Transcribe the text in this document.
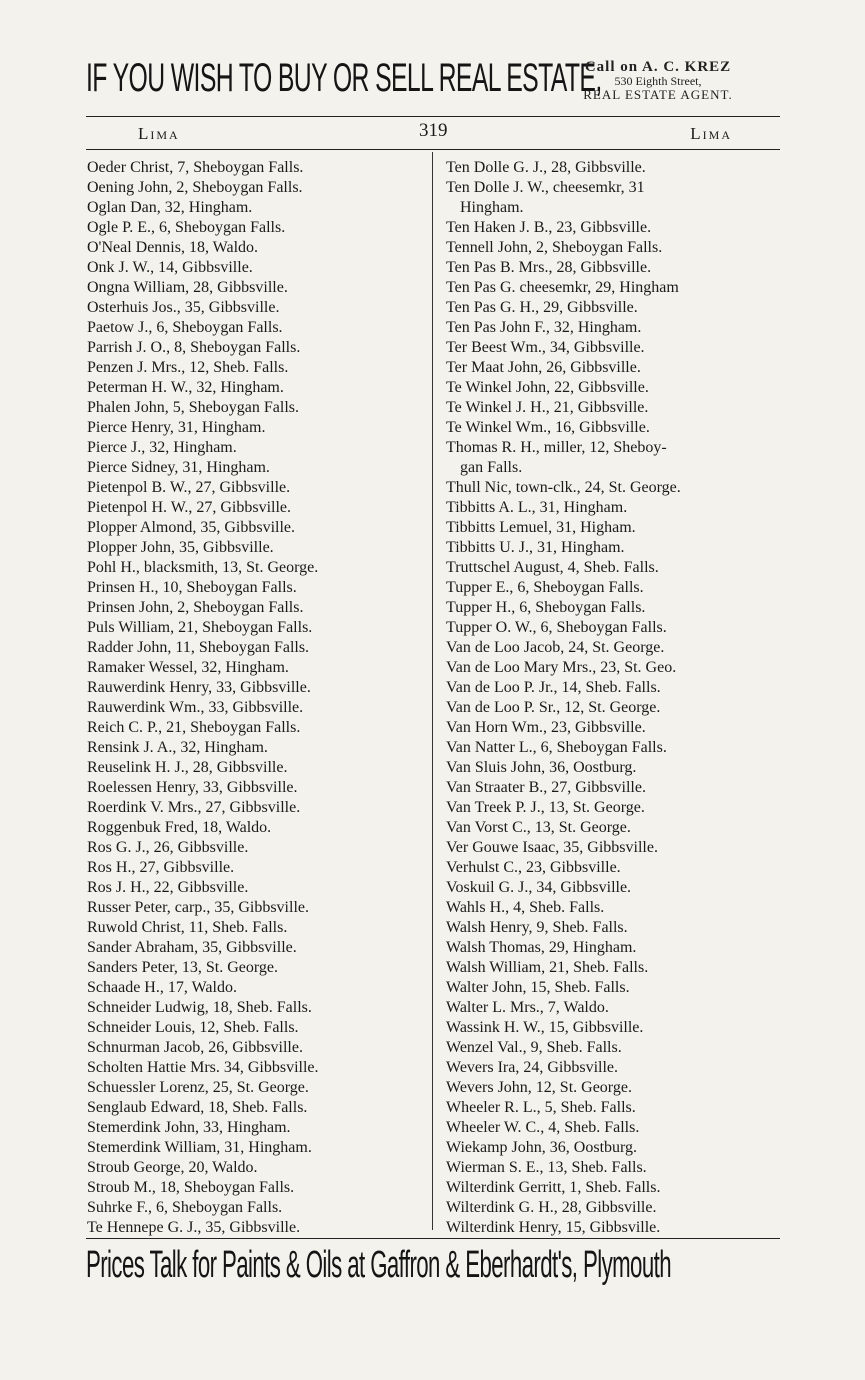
IF YOU WISH TO BUY OR SELL REAL ESTATE,
Call on A. C. KREZ
530 Eighth Street,
REAL ESTATE AGENT.
Lima	319	Lima
Oeder Christ, 7, Sheboygan Falls.
Oening John, 2, Sheboygan Falls.
Oglan Dan, 32, Hingham.
Ogle P. E., 6, Sheboygan Falls.
O'Neal Dennis, 18, Waldo.
Onk J. W., 14, Gibbsville.
Ongna William, 28, Gibbsville.
Osterhuis Jos., 35, Gibbsville.
Paetow J., 6, Sheboygan Falls.
Parrish J. O., 8, Sheboygan Falls.
Penzen J. Mrs., 12, Sheb. Falls.
Peterman H. W., 32, Hingham.
Phalen John, 5, Sheboygan Falls.
Pierce Henry, 31, Hingham.
Pierce J., 32, Hingham.
Pierce Sidney, 31, Hingham.
Pietenpol B. W., 27, Gibbsville.
Pietenpol H. W., 27, Gibbsville.
Plopper Almond, 35, Gibbsville.
Plopper John, 35, Gibbsville.
Pohl H., blacksmith, 13, St. George.
Prinsen H., 10, Sheboygan Falls.
Prinsen John, 2, Sheboygan Falls.
Puls William, 21, Sheboygan Falls.
Radder John, 11, Sheboygan Falls.
Ramaker Wessel, 32, Hingham.
Rauwerdink Henry, 33, Gibbsville.
Rauwerdink Wm., 33, Gibbsville.
Reich C. P., 21, Sheboygan Falls.
Rensink J. A., 32, Hingham.
Reuselink H. J., 28, Gibbsville.
Roelessen Henry, 33, Gibbsville.
Roerdink V. Mrs., 27, Gibbsville.
Roggenbuk Fred, 18, Waldo.
Ros G. J., 26, Gibbsville.
Ros H., 27, Gibbsville.
Ros J. H., 22, Gibbsville.
Russer Peter, carp., 35, Gibbsville.
Ruwold Christ, 11, Sheb. Falls.
Sander Abraham, 35, Gibbsville.
Sanders Peter, 13, St. George.
Schaade H., 17, Waldo.
Schneider Ludwig, 18, Sheb. Falls.
Schneider Louis, 12, Sheb. Falls.
Schnurman Jacob, 26, Gibbsville.
Scholten Hattie Mrs. 34, Gibbsville.
Schuessler Lorenz, 25, St. George.
Senglaub Edward, 18, Sheb. Falls.
Stemerdink John, 33, Hingham.
Stemerdink William, 31, Hingham.
Stroub George, 20, Waldo.
Stroub M., 18, Sheboygan Falls.
Suhrke F., 6, Sheboygan Falls.
Te Hennepe G. J., 35, Gibbsville.
Ten Dolle G. J., 28, Gibbsville.
Ten Dolle J. W., cheesemkr, 31
Hingham.
Ten Haken J. B., 23, Gibbsville.
Tennell John, 2, Sheboygan Falls.
Ten Pas B. Mrs., 28, Gibbsville.
Ten Pas G. cheesemkr, 29, Hingham
Ten Pas G. H., 29, Gibbsville.
Ten Pas John F., 32, Hingham.
Ter Beest Wm., 34, Gibbsville.
Ter Maat John, 26, Gibbsville.
Te Winkel John, 22, Gibbsville.
Te Winkel J. H., 21, Gibbsville.
Te Winkel Wm., 16, Gibbsville.
Thomas R. H., miller, 12, Sheboy-
gan Falls.
Thull Nic, town-clk., 24, St. George.
Tibbitts A. L., 31, Hingham.
Tibbitts Lemuel, 31, Higham.
Tibbitts U. J., 31, Hingham.
Truttschel August, 4, Sheb. Falls.
Tupper E., 6, Sheboygan Falls.
Tupper H., 6, Sheboygan Falls.
Tupper O. W., 6, Sheboygan Falls.
Van de Loo Jacob, 24, St. George.
Van de Loo Mary Mrs., 23, St. Geo.
Van de Loo P. Jr., 14, Sheb. Falls.
Van de Loo P. Sr., 12, St. George.
Van Horn Wm., 23, Gibbsville.
Van Natter L., 6, Sheboygan Falls.
Van Sluis John, 36, Oostburg.
Van Straater B., 27, Gibbsville.
Van Treek P. J., 13, St. George.
Van Vorst C., 13, St. George.
Ver Gouwe Isaac, 35, Gibbsville.
Verhulst C., 23, Gibbsville.
Voskuil G. J., 34, Gibbsville.
Wahls H., 4, Sheb. Falls.
Walsh Henry, 9, Sheb. Falls.
Walsh Thomas, 29, Hingham.
Walsh William, 21, Sheb. Falls.
Walter John, 15, Sheb. Falls.
Walter L. Mrs., 7, Waldo.
Wassink H. W., 15, Gibbsville.
Wenzel Val., 9, Sheb. Falls.
Wevers Ira, 24, Gibbsville.
Wevers John, 12, St. George.
Wheeler R. L., 5, Sheb. Falls.
Wheeler W. C., 4, Sheb. Falls.
Wiekamp John, 36, Oostburg.
Wierman S. E., 13, Sheb. Falls.
Wilterdink Gerritt, 1, Sheb. Falls.
Wilterdink G. H., 28, Gibbsville.
Wilterdink Henry, 15, Gibbsville.
Prices Talk for Paints & Oils at Gaffron & Eberhardt's, Plymouth
